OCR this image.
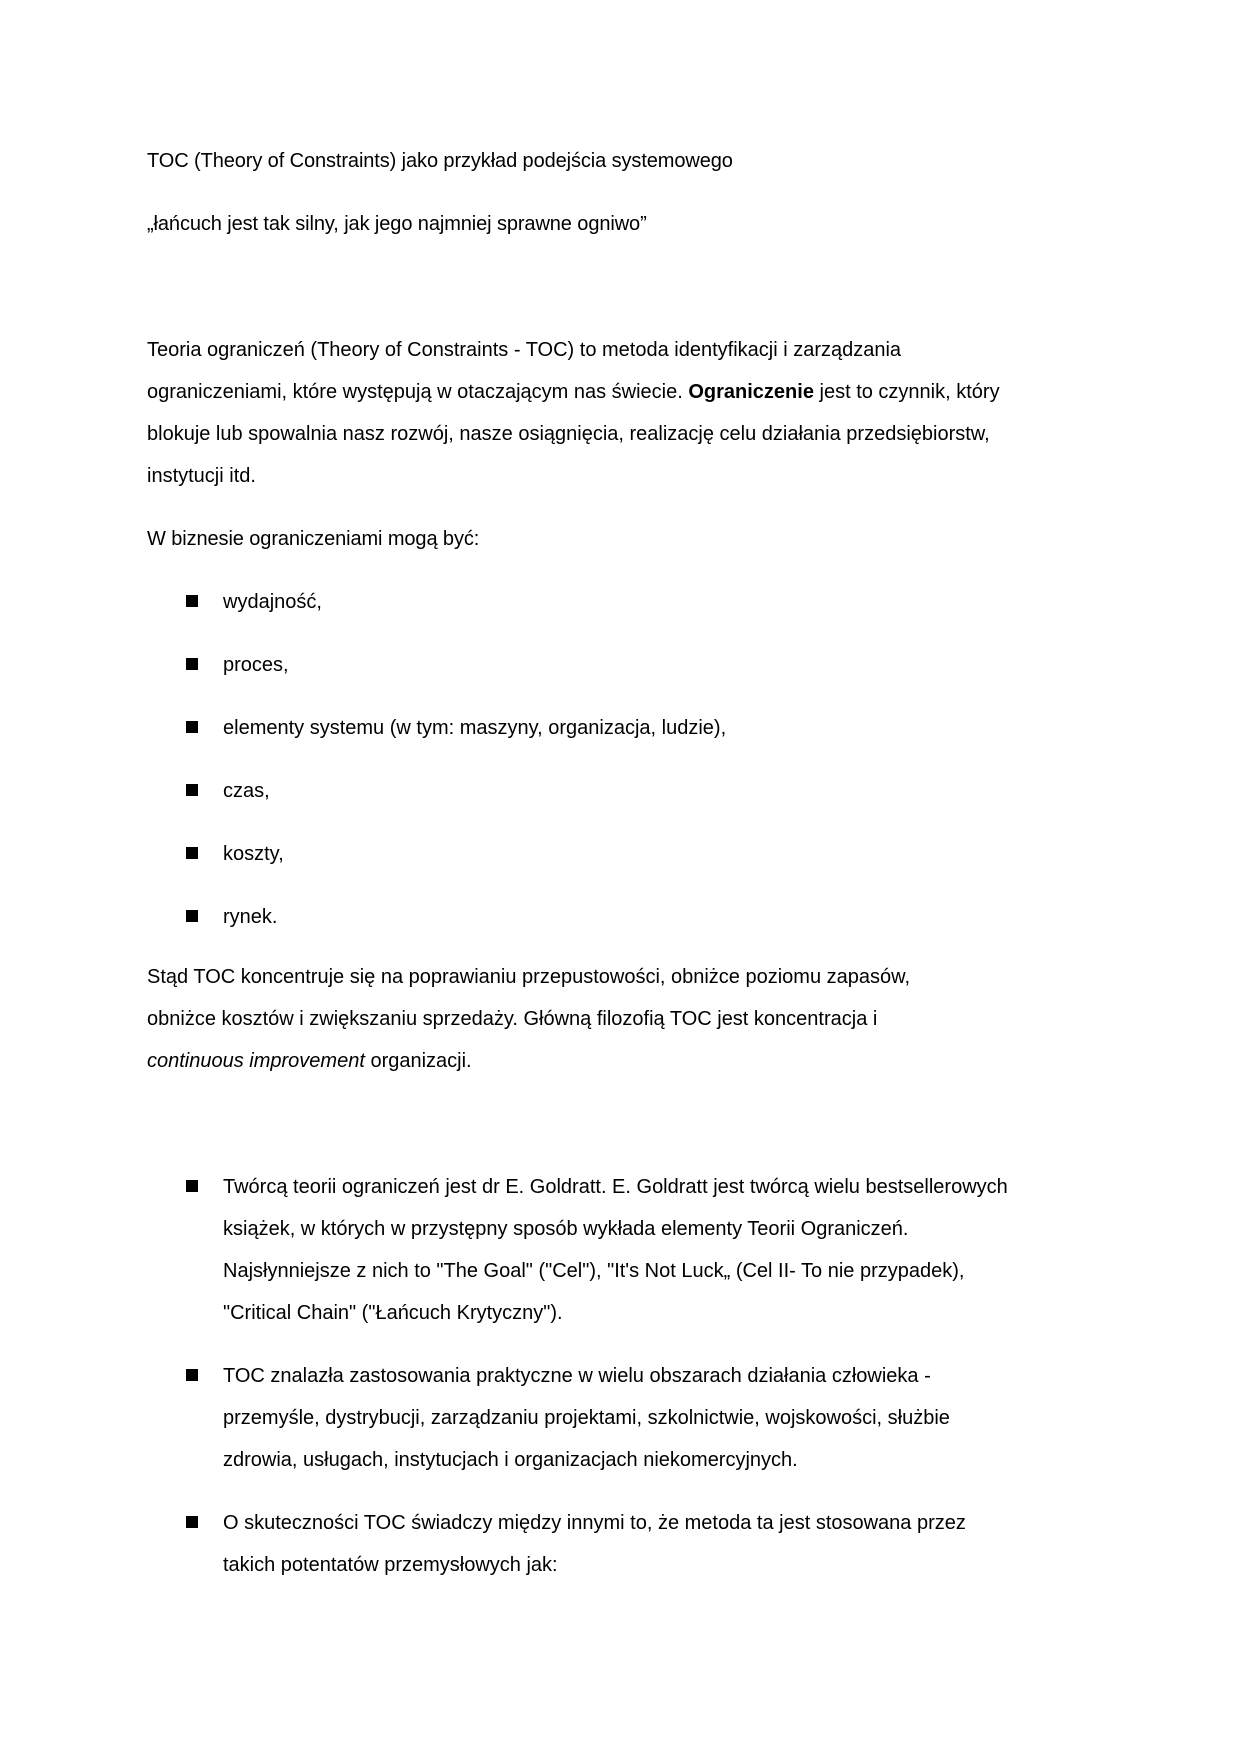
TOC (Theory of Constraints) jako przykład podejścia systemowego
„łańcuch jest tak silny, jak jego najmniej sprawne ogniwo”
Teoria ograniczeń (Theory of Constraints - TOC) to metoda identyfikacji i zarządzania ograniczeniami, które występują w otaczającym nas świecie. Ograniczenie jest to czynnik, który blokuje lub spowalnia nasz rozwój, nasze osiągnięcia, realizację celu działania przedsiębiorstw, instytucji itd.
W biznesie ograniczeniami mogą być:
wydajność,
proces,
elementy systemu (w tym: maszyny, organizacja, ludzie),
czas,
koszty,
rynek.
Stąd TOC koncentruje się na poprawianiu przepustowości, obniżce poziomu zapasów, obniżce kosztów i zwiększaniu sprzedaży. Główną filozofią TOC jest koncentracja i continuous improvement organizacji.
Twórcą teorii ograniczeń jest dr E. Goldratt. E. Goldratt jest twórcą wielu bestsellerowych książek, w których w przystępny sposób wykłada elementy Teorii Ograniczeń. Najsłynniejsze z nich to "The Goal" ("Cel"), "It's Not Luck„ (Cel II- To nie przypadek), "Critical Chain" ("Łańcuch Krytyczny").
TOC znalazła zastosowania praktyczne w wielu obszarach działania człowieka - przemyśle, dystrybucji, zarządzaniu projektami, szkolnictwie, wojskowości, służbie zdrowia, usługach, instytucjach i organizacjach niekomercyjnych.
O skuteczności TOC świadczy między innymi to, że metoda ta jest stosowana przez takich potentatów przemysłowych jak:
